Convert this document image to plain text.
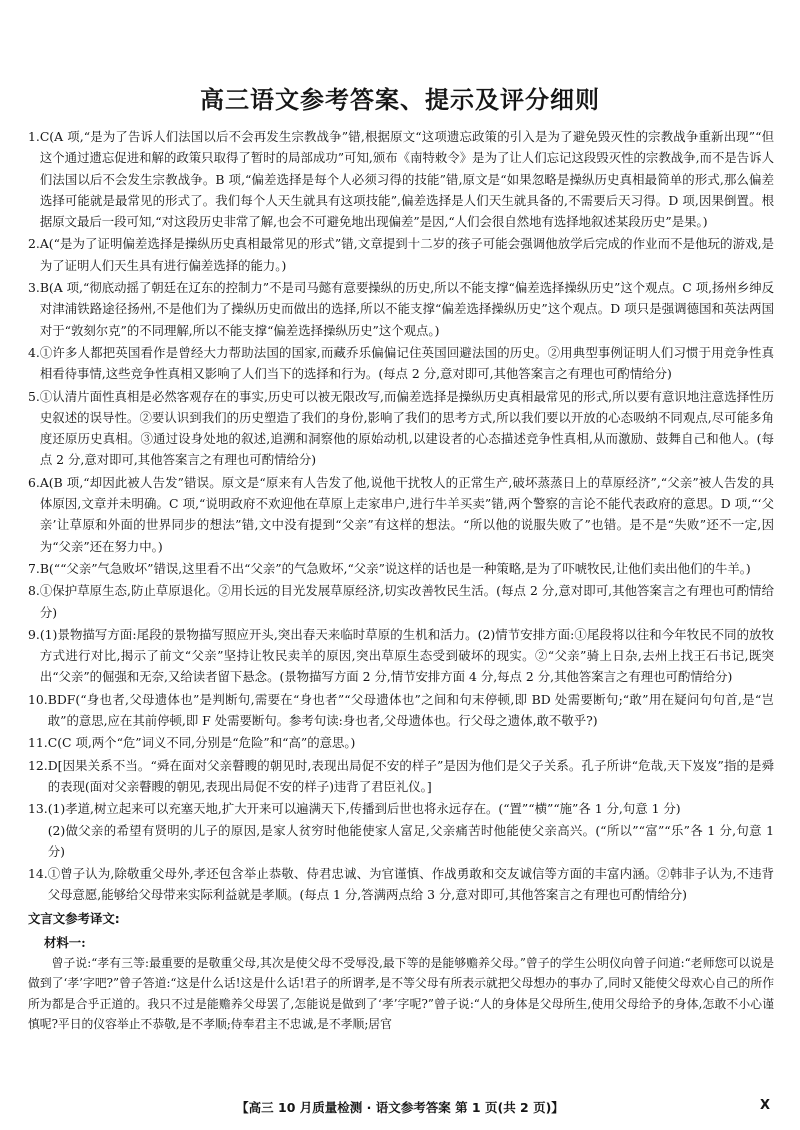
高三语文参考答案、提示及评分细则
1. C(A 项,“是为了告诉人们法国以后不会再发生宗教战争”错,根据原文“这项遗忘政策的引入是为了避免毁灭性的宗教战争重新出现”“但这个通过遗忘促进和解的政策只取得了暂时的局部成功”可知,颁布《南特敕令》是为了让人们忘记这段毁灭性的宗教战争,而不是告诉人们法国以后不会发生宗教战争。B 项,“偏差选择是每个人必须习得的技能”错,原文是“如果忽略是操纵历史真相最简单的形式,那么偏差选择可能就是最常见的形式了。我们每个人天生就具有这项技能”,偏差选择是人们天生就具备的,不需要后天习得。D 项,因果倒置。根据原文最后一段可知,“对这段历史非常了解,也会不可避免地出现偏差”是因,“人们会很自然地有选择地叙述某段历史”是果。)
2. A(“是为了证明偏差选择是操纵历史真相最常见的形式”错,文章提到十二岁的孩子可能会强调他放学后完成的作业而不是他玩的游戏,是为了证明人们天生具有进行偏差选择的能力。)
3. B(A 项,“彻底动摇了朝廷在辽东的控制力”不是司马懿有意要操纵的历史,所以不能支撑“偏差选择操纵历史”这个观点。C 项,扬州乡绅反对津浦铁路途径扬州,不是他们为了操纵历史而做出的选择,所以不能支撑“偏差选择操纵历史”这个观点。D 项只是强调德国和英法两国对于“敦刻尔克”的不同理解,所以不能支撑“偏差选择操纵历史”这个观点。)
4. ①许多人都把英国看作是曾经大力帮助法国的国家,而藏乔乐偏偏记住英国回避法国的历史。②用典型事例证明人们习惯于用竞争性真相看待事情,这些竞争性真相又影响了人们当下的选择和行为。(每点 2 分,意对即可,其他答案言之有理也可酌情给分)
5. ①认清片面性真相是必然客观存在的事实,历史可以被无限改写,而偏差选择是操纵历史真相最常见的形式,所以要有意识地注意选择性历史叙述的误导性。②要认识到我们的历史塑造了我们的身份,影响了我们的思考方式,所以我们要以开放的心态吸纳不同观点,尽可能多角度还原历史真相。③通过设身处地的叙述,追溯和洞察他的原始动机,以建设者的心态描述竞争性真相,从而激励、鼓舞自己和他人。(每点 2 分,意对即可,其他答案言之有理也可酌情给分)
6. A(B 项,“却因此被人告发”错误。原文是“原来有人告发了他,说他干扰牧人的正常生产,破坏蒸蒸日上的草原经济”,“父亲”被人告发的具体原因,文章并未明确。C 项,“说明政府不欢迎他在草原上走家串户,进行牛羊买卖”错,两个警察的言论不能代表政府的意思。D 项,“‘父亲’让草原和外面的世界同步的想法”错,文中没有提到“父亲”有这样的想法。“所以他的说服失败了”也错。是不是“失败”还不一定,因为“父亲”还在努力中。)
7. B(““父亲”气急败坏”错误,这里看不出“父亲”的气急败坏,“父亲”说这样的话也是一种策略,是为了吓唬牧民,让他们卖出他们的牛羊。)
8. ①保护草原生态,防止草原退化。②用长远的目光发展草原经济,切实改善牧民生活。(每点 2 分,意对即可,其他答案言之有理也可酌情给分)
9. (1)景物描写方面:尾段的景物描写照应开头,突出春天来临时草原的生机和活力。(2)情节安排方面:①尾段将以往和今年牧民不同的放牧方式进行对比,揭示了前文“父亲”坚持让牧民卖羊的原因,突出草原生态受到破坏的现实。②“父亲”骑上日杂,去州上找王石书记,既突出“父亲”的倔强和无奈,又给读者留下悬念。(景物描写方面 2 分,情节安排方面 4 分,每点 2 分,其他答案言之有理也可酌情给分)
10. BDF(“身也者,父母遗体也”是判断句,需要在“身也者”“父母遗体也”之间和句末停顿,即 BD 处需要断句;“敢”用在疑问句句首,是“岂敢”的意思,应在其前停顿,即 F 处需要断句。参考句读:身也者,父母遗体也。行父母之遗体,敢不敬乎?)
11. C(C 项,两个“危”词义不同,分别是“危险”和“高”的意思。)
12. D[因果关系不当。“舜在面对父亲瞽瞍的朝见时,表现出局促不安的样子”是因为他们是父子关系。孔子所讲“危哉,天下岌岌”指的是舜的表现(面对父亲瞽瞍的朝见,表现出局促不安的样子)违背了君臣礼仪。]
13. (1)孝道,树立起来可以充塞天地,扩大开来可以遍满天下,传播到后世也将永远存在。(“置”“横”“施”各 1 分,句意 1 分)
(2)做父亲的希望有贤明的儿子的原因,是家人贫穷时他能使家人富足,父亲痛苦时他能使父亲高兴。(“所以”“富”“乐”各 1 分,句意 1 分)
14. ①曾子认为,除敬重父母外,孝还包含举止恭敬、侍君忠诚、为官谨慎、作战勇敢和交友诚信等方面的丰富内涵。②韩非子认为,不违背父母意愿,能够给父母带来实际利益就是孝顺。(每点 1 分,答满两点给 3 分,意对即可,其他答案言之有理也可酌情给分)
文言文参考译文:
材料一:

曾子说:“孝有三等:最重要的是敬重父母,其次是使父母不受辱没,最下等的是能够赡养父母。”曾子的学生公明仪向曾子问道:“老师您可以说是做到了‘孝’字吧?”曾子答道:“这是什么话!这是什么话!君子的所谓孝,是不等父母有所表示就把父母想办的事办了,同时又能使父母欢心自己的所作所为都是合乎正道的。我只不过是能赡养父母罢了,怎能说是做到了‘孝’字呢?”曾子说:“人的身体是父母所生,使用父母给予的身体,怎敢不小心谨慎呢?平日的仪容举止不恭敬,是不孝顺;侍奉君主不忠诚,是不孝顺;居官

【高三 10 月质量检测 · 语文参考答案 第 1 页(共 2 页)】	X
